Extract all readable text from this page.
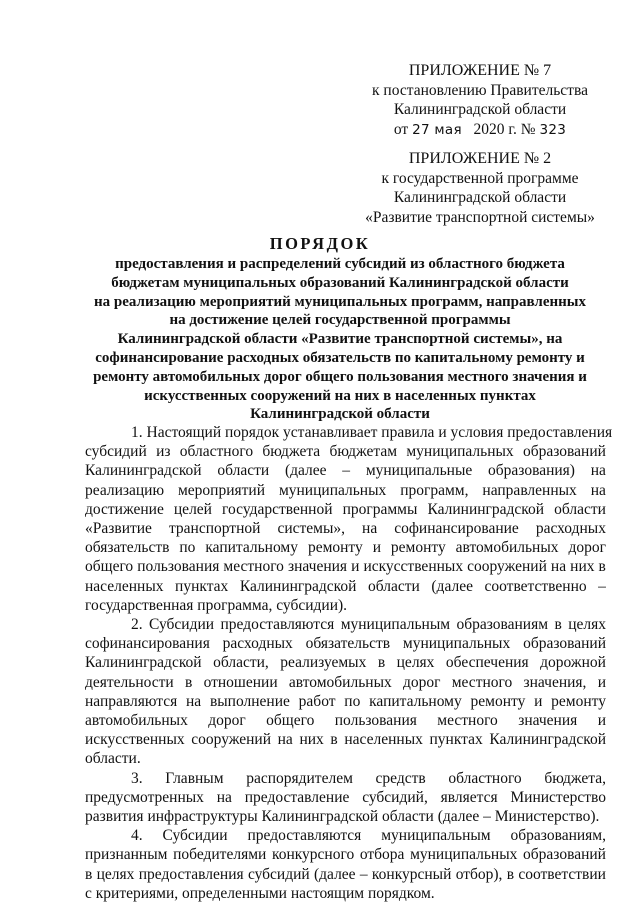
ПРИЛОЖЕНИЕ № 7
к постановлению Правительства
Калининградской области
от 27 мая 2020 г. № 323
ПРИЛОЖЕНИЕ № 2
к государственной программе
Калининградской области
«Развитие транспортной системы»
ПОРЯДОК
предоставления и распределений субсидий из областного бюджета
бюджетам муниципальных образований Калининградской области
на реализацию мероприятий муниципальных программ, направленных
на достижение целей государственной программы
Калининградской области «Развитие транспортной системы», на
софинансирование расходных обязательств по капитальному ремонту и
ремонту автомобильных дорог общего пользования местного значения и
искусственных сооружений на них в населенных пунктах
Калининградской области
1. Настоящий порядок устанавливает правила и условия предоставления
субсидий из областного бюджета бюджетам муниципальных образований
Калининградской области (далее – муниципальные образования) на
реализацию мероприятий муниципальных программ, направленных на
достижение целей государственной программы Калининградской области
«Развитие транспортной системы», на софинансирование расходных
обязательств по капитальному ремонту и ремонту автомобильных дорог
общего пользования местного значения и искусственных сооружений на них в
населенных пунктах Калининградской области (далее соответственно –
государственная программа, субсидии).
2. Субсидии предоставляются муниципальным образованиям в целях
софинансирования расходных обязательств муниципальных образований
Калининградской области, реализуемых в целях обеспечения дорожной
деятельности в отношении автомобильных дорог местного значения, и
направляются на выполнение работ по капитальному ремонту и ремонту
автомобильных дорог общего пользования местного значения и
искусственных сооружений на них в населенных пунктах Калининградской
области.
3. Главным распорядителем средств областного бюджета,
предусмотренных на предоставление субсидий, является Министерство
развития инфраструктуры Калининградской области (далее – Министерство).
4. Субсидии предоставляются муниципальным образованиям,
признанным победителями конкурсного отбора муниципальных образований
в целях предоставления субсидий (далее – конкурсный отбор), в соответствии
с критериями, определенными настоящим порядком.
